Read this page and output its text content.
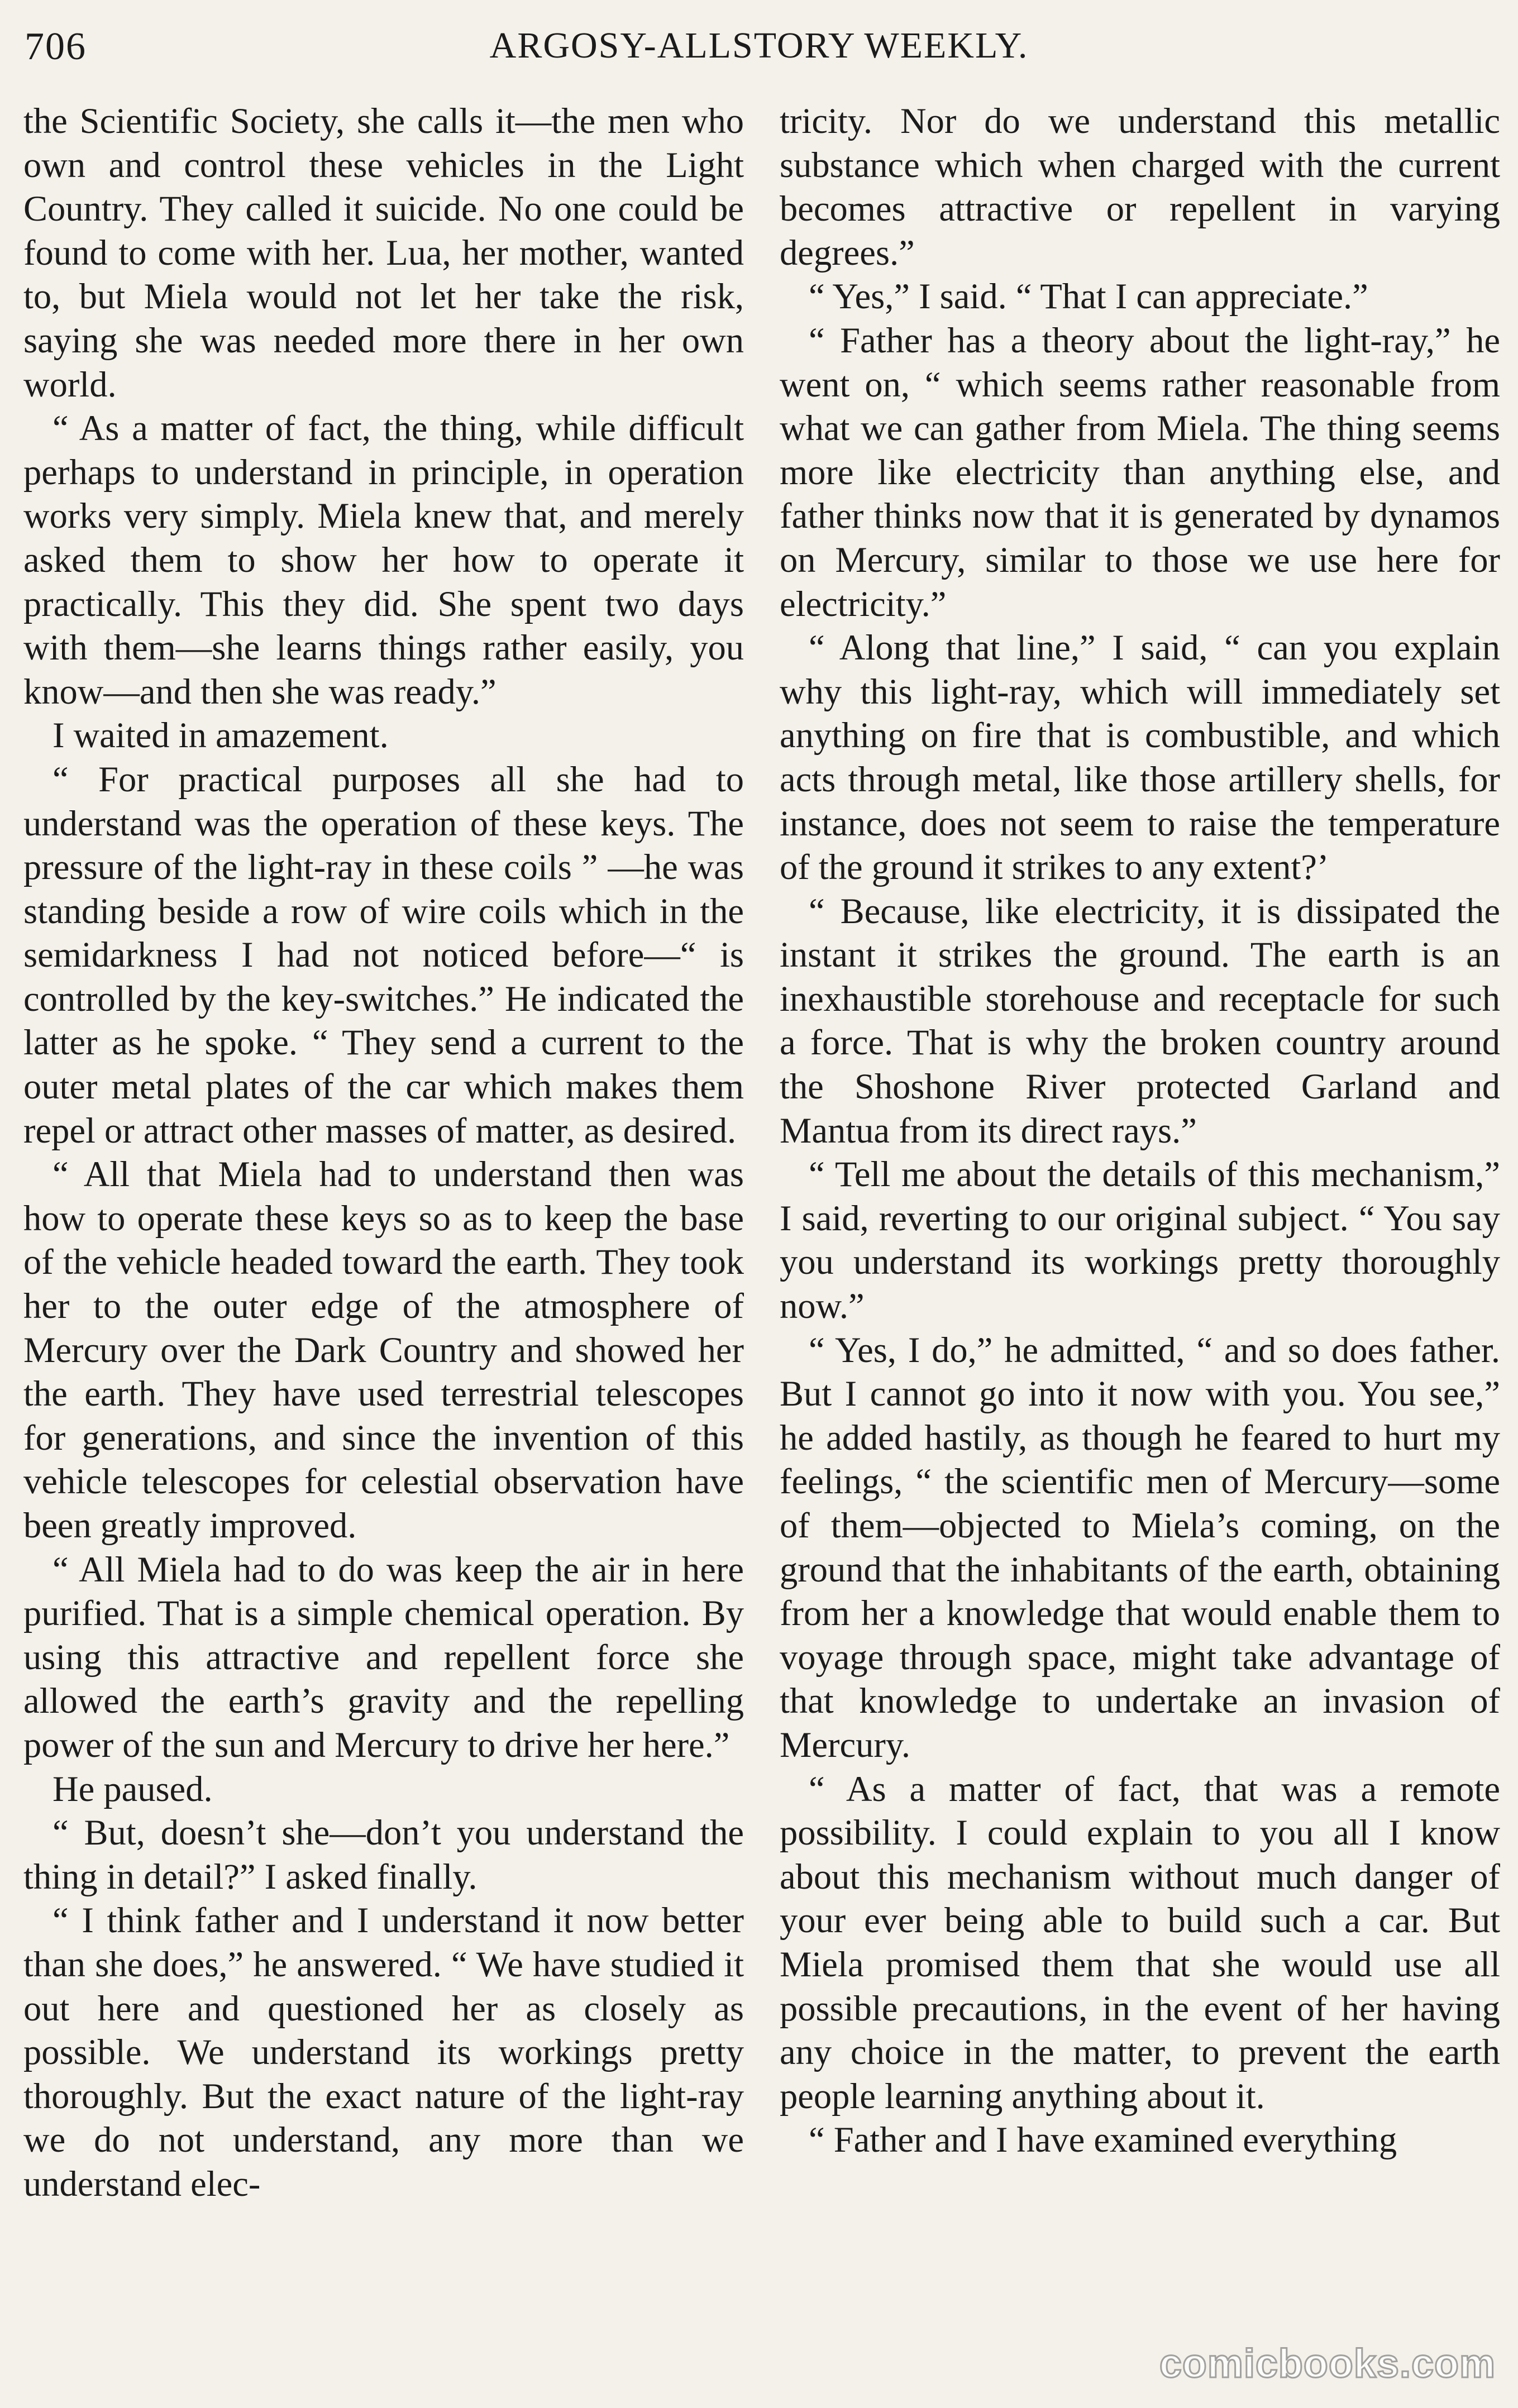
706	ARGOSY-ALLSTORY WEEKLY.

the Scientific Society, she calls it—the men who own and control these vehicles in the Light Country. They called it suicide. No one could be found to come with her. Lua, her mother, wanted to, but Miela would not let her take the risk, saying she was needed more there in her own world.

“ As a matter of fact, the thing, while difficult perhaps to understand in principle, in operation works very simply. Miela knew that, and merely asked them to show her how to operate it practically. This they did. She spent two days with them—she learns things rather easily, you know—and then she was ready.”

I waited in amazement.

“ For practical purposes all she had to understand was the operation of these keys. The pressure of the light-ray in these coils ” —he was standing beside a row of wire coils which in the semidarkness I had not noticed before—“ is controlled by the key-switches.” He indicated the latter as he spoke. “ They send a current to the outer metal plates of the car which makes them repel or attract other masses of matter, as desired.

“ All that Miela had to understand then was how to operate these keys so as to keep the base of the vehicle headed toward the earth. They took her to the outer edge of the atmosphere of Mercury over the Dark Country and showed her the earth. They have used terrestrial telescopes for generations, and since the invention of this vehicle telescopes for celestial observation have been greatly improved.

“ All Miela had to do was keep the air in here purified. That is a simple chemical operation. By using this attractive and repellent force she allowed the earth’s gravity and the repelling power of the sun and Mercury to drive her here.”

He paused.

“ But, doesn’t she—don’t you understand the thing in detail?” I asked finally.

“ I think father and I understand it now better than she does,” he answered. “ We have studied it out here and questioned her as closely as possible. We understand its workings pretty thoroughly. But the exact nature of the light-ray we do not understand, any more than we understand elec-

tricity. Nor do we understand this metallic substance which when charged with the current becomes attractive or repellent in varying degrees.”

“ Yes,” I said. “ That I can appreciate.”

“ Father has a theory about the light-ray,” he went on, “ which seems rather reasonable from what we can gather from Miela. The thing seems more like electricity than anything else, and father thinks now that it is generated by dynamos on Mercury, similar to those we use here for electricity.”

“ Along that line,” I said, “ can you explain why this light-ray, which will immediately set anything on fire that is combustible, and which acts through metal, like those artillery shells, for instance, does not seem to raise the temperature of the ground it strikes to any extent?’

“ Because, like electricity, it is dissipated the instant it strikes the ground. The earth is an inexhaustible storehouse and receptacle for such a force. That is why the broken country around the Shoshone River protected Garland and Mantua from its direct rays.”

“ Tell me about the details of this mechanism,” I said, reverting to our original subject. “ You say you understand its workings pretty thoroughly now.”

“ Yes, I do,” he admitted, “ and so does father. But I cannot go into it now with you. You see,” he added hastily, as though he feared to hurt my feelings, “ the scientific men of Mercury—some of them—objected to Miela’s coming, on the ground that the inhabitants of the earth, obtaining from her a knowledge that would enable them to voyage through space, might take advantage of that knowledge to undertake an invasion of Mercury.

“ As a matter of fact, that was a remote possibility. I could explain to you all I know about this mechanism without much danger of your ever being able to build such a car. But Miela promised them that she would use all possible precautions, in the event of her having any choice in the matter, to prevent the earth people learning anything about it.

“ Father and I have examined everything

comicbooks.com
